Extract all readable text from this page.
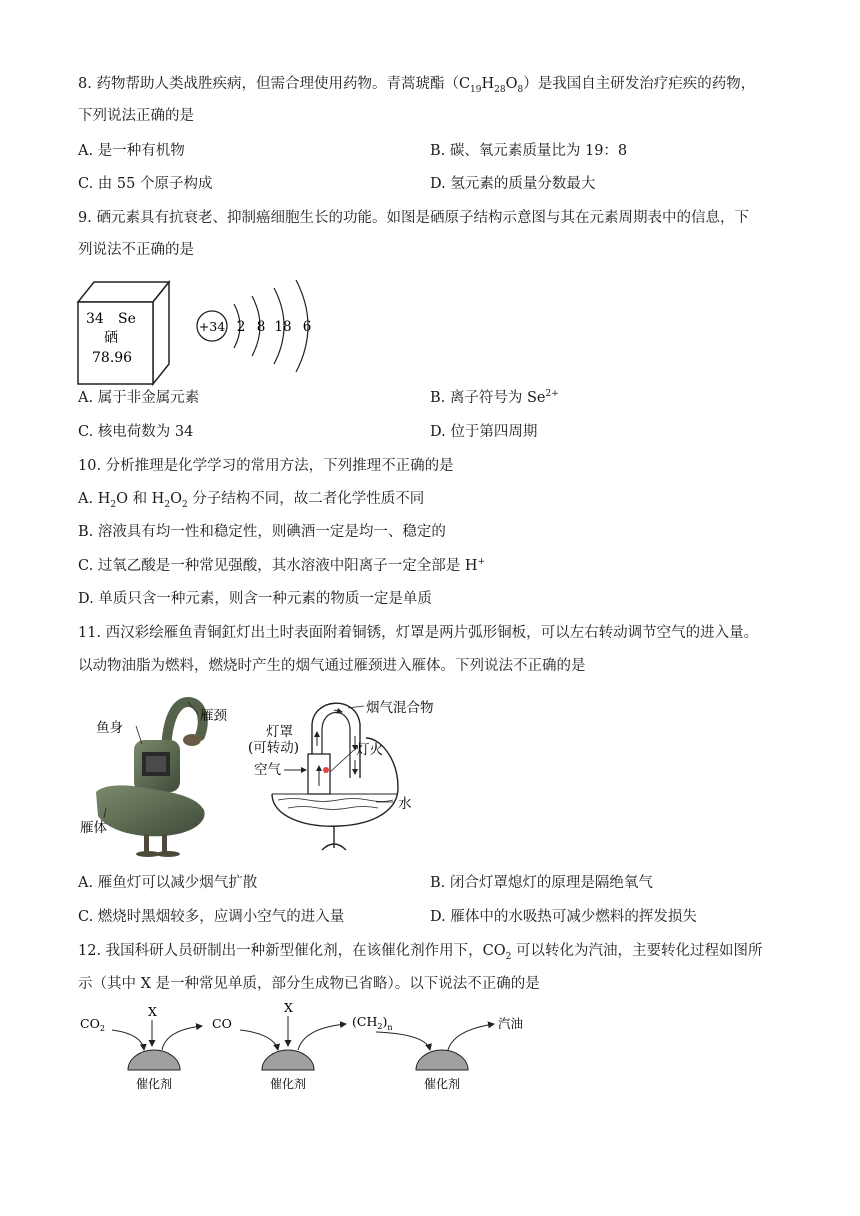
8. 药物帮助人类战胜疾病，但需合理使用药物。青蒿琥酯$(C_{19}H_{28}O_8)$是我国自主研发治疗疟疾的药物，
下列说法正确的是
A. 是一种有机物	B. 碳、氧元素质量比为 19：8
C. 由 55 个原子构成	D. 氢元素的质量分数最大
9. 硒元素具有抗衰老、抑制癌细胞生长的功能。如图是硒原子结构示意图与其在元素周期表中的信息，下
列说法不正确的是
34 Se
硒
78.96
+34 2 8 18 6
A. 属于非金属元素	B. 离子符号为 $Se^{2+}$
C. 核电荷数为 34	D. 位于第四周期
10. 分析推理是化学学习的常用方法，下列推理不正确的是
A. $H_2O$ 和 $H_2O_2$ 分子结构不同，故二者化学性质不同
B. 溶液具有均一性和稳定性，则碘酒一定是均一、稳定的
C. 过氧乙酸是一种常见强酸，其水溶液中阳离子一定全部是 H+
D. 单质只含一种元素，则含一种元素的物质一定是单质
11. 西汉彩绘雁鱼青铜釭灯出土时表面附着铜锈，灯罩是两片弧形铜板，可以左右转动调节空气的进入量。
以动物油脂为燃料，燃烧时产生的烟气通过雁颈进入雁体。下列说法不正确的是
雁颈
鱼身
雁体
烟气混合物
灯罩
(可转动)
空气
灯火
水
A. 雁鱼灯可以减少烟气扩散	B. 闭合灯罩熄灯的原理是隔绝氧气
C. 燃烧时黑烟较多，应调小空气的进入量	D. 雁体中的水吸热可减少燃料的挥发损失
12. 我国科研人员研制出一种新型催化剂，在该催化剂作用下，$CO_2$ 可以转化为汽油，主要转化过程如图所
示（其中 X 是一种常见单质，部分生成物已省略）。以下说法不正确的是
$CO_2$
X
催化剂
CO
X
催化剂
$(CH_2)_n$
催化剂
汽油
